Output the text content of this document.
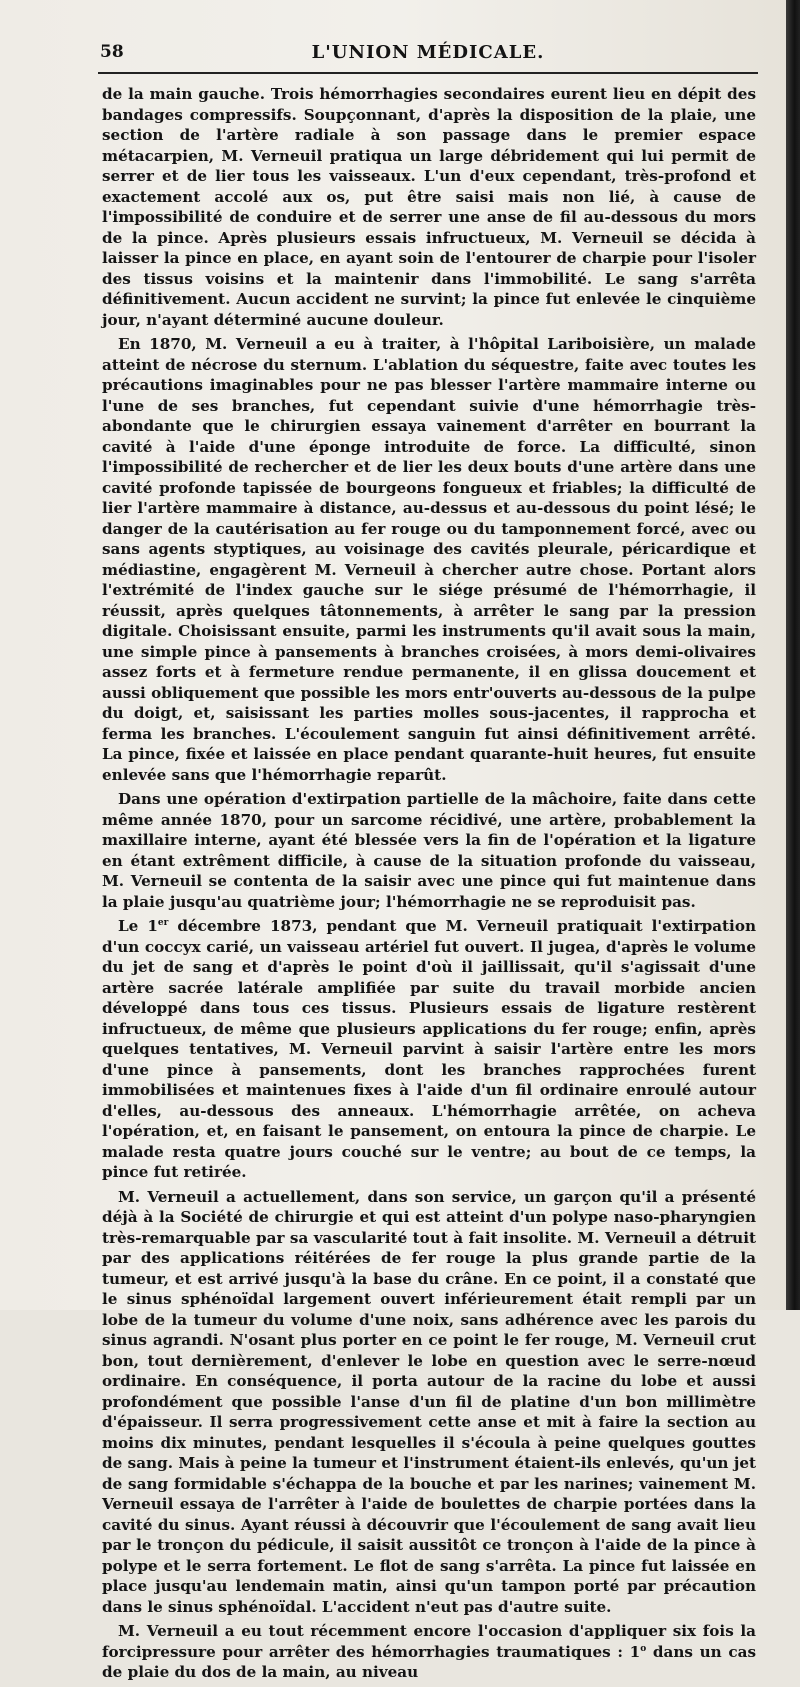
58	L'UNION MÉDICALE.

de la main gauche. Trois hémorrhagies secondaires eurent lieu en dépit des bandages compressifs. Soupçonnant, d'après la disposition de la plaie, une section de l'artère radiale à son passage dans le premier espace métacarpien, M. Verneuil pratiqua un large débridement qui lui permit de serrer et de lier tous les vaisseaux. L'un d'eux cependant, très-profond et exactement accolé aux os, put être saisi mais non lié, à cause de l'impossibilité de conduire et de serrer une anse de fil au-dessous du mors de la pince. Après plusieurs essais infructueux, M. Verneuil se décida à laisser la pince en place, en ayant soin de l'entourer de charpie pour l'isoler des tissus voisins et la maintenir dans l'immobilité. Le sang s'arrêta définitivement. Aucun accident ne survint; la pince fut enlevée le cinquième jour, n'ayant déterminé aucune douleur.

En 1870, M. Verneuil a eu à traiter, à l'hôpital Lariboisière, un malade atteint de nécrose du sternum. L'ablation du séquestre, faite avec toutes les précautions imaginables pour ne pas blesser l'artère mammaire interne ou l'une de ses branches, fut cependant suivie d'une hémorrhagie très-abondante que le chirurgien essaya vainement d'arrêter en bourrant la cavité à l'aide d'une éponge introduite de force. La difficulté, sinon l'impossibilité de rechercher et de lier les deux bouts d'une artère dans une cavité profonde tapissée de bourgeons fongueux et friables; la difficulté de lier l'artère mammaire à distance, au-dessus et au-dessous du point lésé; le danger de la cautérisation au fer rouge ou du tamponnement forcé, avec ou sans agents styptiques, au voisinage des cavités pleurale, péricardique et médiastine, engagèrent M. Verneuil à chercher autre chose. Portant alors l'extrémité de l'index gauche sur le siége présumé de l'hémorrhagie, il réussit, après quelques tâtonnements, à arrêter le sang par la pression digitale. Choisissant ensuite, parmi les instruments qu'il avait sous la main, une simple pince à pansements à branches croisées, à mors demi-olivaires assez forts et à fermeture rendue permanente, il en glissa doucement et aussi obliquement que possible les mors entr'ouverts au-dessous de la pulpe du doigt, et, saisissant les parties molles sous-jacentes, il rapprocha et ferma les branches. L'écoulement sanguin fut ainsi définitivement arrêté. La pince, fixée et laissée en place pendant quarante-huit heures, fut ensuite enlevée sans que l'hémorrhagie reparût.

Dans une opération d'extirpation partielle de la mâchoire, faite dans cette même année 1870, pour un sarcome récidivé, une artère, probablement la maxillaire interne, ayant été blessée vers la fin de l'opération et la ligature en étant extrêment difficile, à cause de la situation profonde du vaisseau, M. Verneuil se contenta de la saisir avec une pince qui fut maintenue dans la plaie jusqu'au quatrième jour; l'hémorrhagie ne se reproduisit pas.

Le 1er décembre 1873, pendant que M. Verneuil pratiquait l'extirpation d'un coccyx carié, un vaisseau artériel fut ouvert. Il jugea, d'après le volume du jet de sang et d'après le point d'où il jaillissait, qu'il s'agissait d'une artère sacrée latérale amplifiée par suite du travail morbide ancien développé dans tous ces tissus. Plusieurs essais de ligature restèrent infructueux, de même que plusieurs applications du fer rouge; enfin, après quelques tentatives, M. Verneuil parvint à saisir l'artère entre les mors d'une pince à pansements, dont les branches rapprochées furent immobilisées et maintenues fixes à l'aide d'un fil ordinaire enroulé autour d'elles, au-dessous des anneaux. L'hémorrhagie arrêtée, on acheva l'opération, et, en faisant le pansement, on entoura la pince de charpie. Le malade resta quatre jours couché sur le ventre; au bout de ce temps, la pince fut retirée.

M. Verneuil a actuellement, dans son service, un garçon qu'il a présenté déjà à la Société de chirurgie et qui est atteint d'un polype naso-pharyngien très-remarquable par sa vascularité tout à fait insolite. M. Verneuil a détruit par des applications réitérées de fer rouge la plus grande partie de la tumeur, et est arrivé jusqu'à la base du crâne. En ce point, il a constaté que le sinus sphénoïdal largement ouvert inférieurement était rempli par un lobe de la tumeur du volume d'une noix, sans adhérence avec les parois du sinus agrandi. N'osant plus porter en ce point le fer rouge, M. Verneuil crut bon, tout dernièrement, d'enlever le lobe en question avec le serre-nœud ordinaire. En conséquence, il porta autour de la racine du lobe et aussi profondément que possible l'anse d'un fil de platine d'un bon millimètre d'épaisseur. Il serra progressivement cette anse et mit à faire la section au moins dix minutes, pendant lesquelles il s'écoula à peine quelques gouttes de sang. Mais à peine la tumeur et l'instrument étaient-ils enlevés, qu'un jet de sang formidable s'échappa de la bouche et par les narines; vainement M. Verneuil essaya de l'arrêter à l'aide de boulettes de charpie portées dans la cavité du sinus. Ayant réussi à découvrir que l'écoulement de sang avait lieu par le tronçon du pédicule, il saisit aussitôt ce tronçon à l'aide de la pince à polype et le serra fortement. Le flot de sang s'arrêta. La pince fut laissée en place jusqu'au lendemain matin, ainsi qu'un tampon porté par précaution dans le sinus sphénoïdal. L'accident n'eut pas d'autre suite.

M. Verneuil a eu tout récemment encore l'occasion d'appliquer six fois la forcipressure pour arrêter des hémorrhagies traumatiques : 1$^o$ dans un cas de plaie du dos de la main, au niveau
